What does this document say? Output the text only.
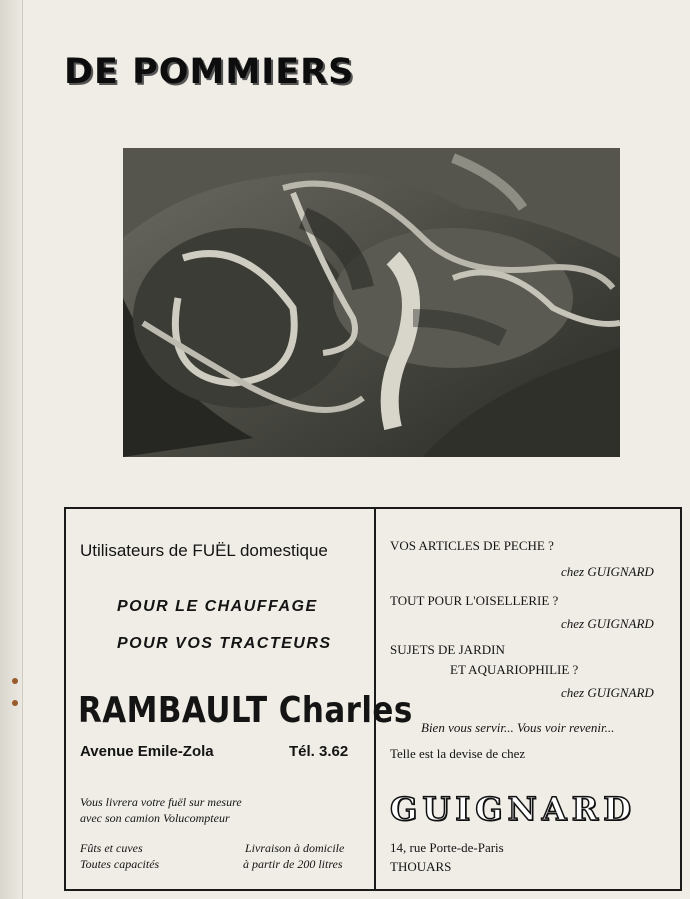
DE POMMIERS
Utilisateurs de FUËL domestique
POUR LE CHAUFFAGE
POUR VOS TRACTEURS
RAMBAULT Charles
Avenue Emile-Zola	Tél. 3.62
Vous livrera votre fuël sur mesure
avec son camion Volucompteur
Fûts et cuves
Toutes capacités
Livraison à domicile
à partir de 200 litres
VOS ARTICLES DE PECHE ?
chez GUIGNARD
TOUT POUR L'OISELLERIE ?
chez GUIGNARD
SUJETS DE JARDIN
ET AQUARIOPHILIE ?
chez GUIGNARD
Bien vous servir... Vous voir revenir...
Telle est la devise de chez
GUIGNARD
14, rue Porte-de-Paris
THOUARS
